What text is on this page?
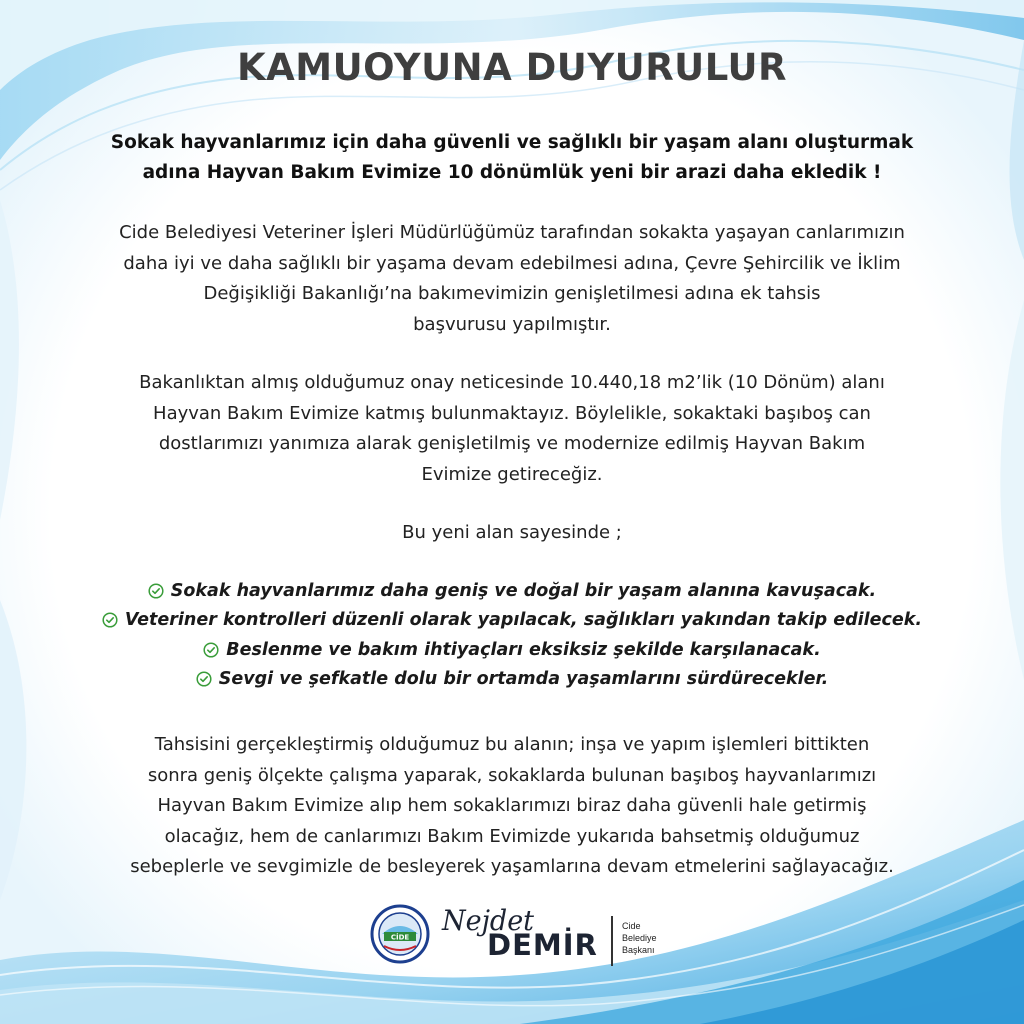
KAMUOYUNA DUYURULUR
Sokak hayvanlarımız için daha güvenli ve sağlıklı bir yaşam alanı oluşturmak
adına Hayvan Bakım Evimize 10 dönümlük yeni bir arazi daha ekledik !
Cide Belediyesi Veteriner İşleri Müdürlüğümüz tarafından sokakta yaşayan canlarımızın
daha iyi ve daha sağlıklı bir yaşama devam edebilmesi adına, Çevre Şehircilik ve İklim
Değişikliği Bakanlığı’na bakımevimizin genişletilmesi adına ek tahsis
başvurusu yapılmıştır.
Bakanlıktan almış olduğumuz onay neticesinde 10.440,18 m2’lik (10 Dönüm) alanı
Hayvan Bakım Evimize katmış bulunmaktayız. Böylelikle, sokaktaki başıboş can
dostlarımızı yanımıza alarak genişletilmiş ve modernize edilmiş Hayvan Bakım
Evimize getireceğiz.
Bu yeni alan sayesinde ;
Sokak hayvanlarımız daha geniş ve doğal bir yaşam alanına kavuşacak.
Veteriner kontrolleri düzenli olarak yapılacak, sağlıkları yakından takip edilecek.
Beslenme ve bakım ihtiyaçları eksiksiz şekilde karşılanacak.
Sevgi ve şefkatle dolu bir ortamda yaşamlarını sürdürecekler.
Tahsisini gerçekleştirmiş olduğumuz bu alanın; inşa ve yapım işlemleri bittikten
sonra geniş ölçekte çalışma yaparak, sokaklarda bulunan başıboş hayvanlarımızı
Hayvan Bakım Evimize alıp hem sokaklarımızı biraz daha güvenli hale getirmiş
olacağız, hem de canlarımızı Bakım Evimizde yukarıda bahsetmiş olduğumuz
sebeplerle ve sevgimizle de besleyerek yaşamlarına devam etmelerini sağlayacağız.
CİDE
Nejdet
DEMİR
Cide
Belediye
Başkanı
